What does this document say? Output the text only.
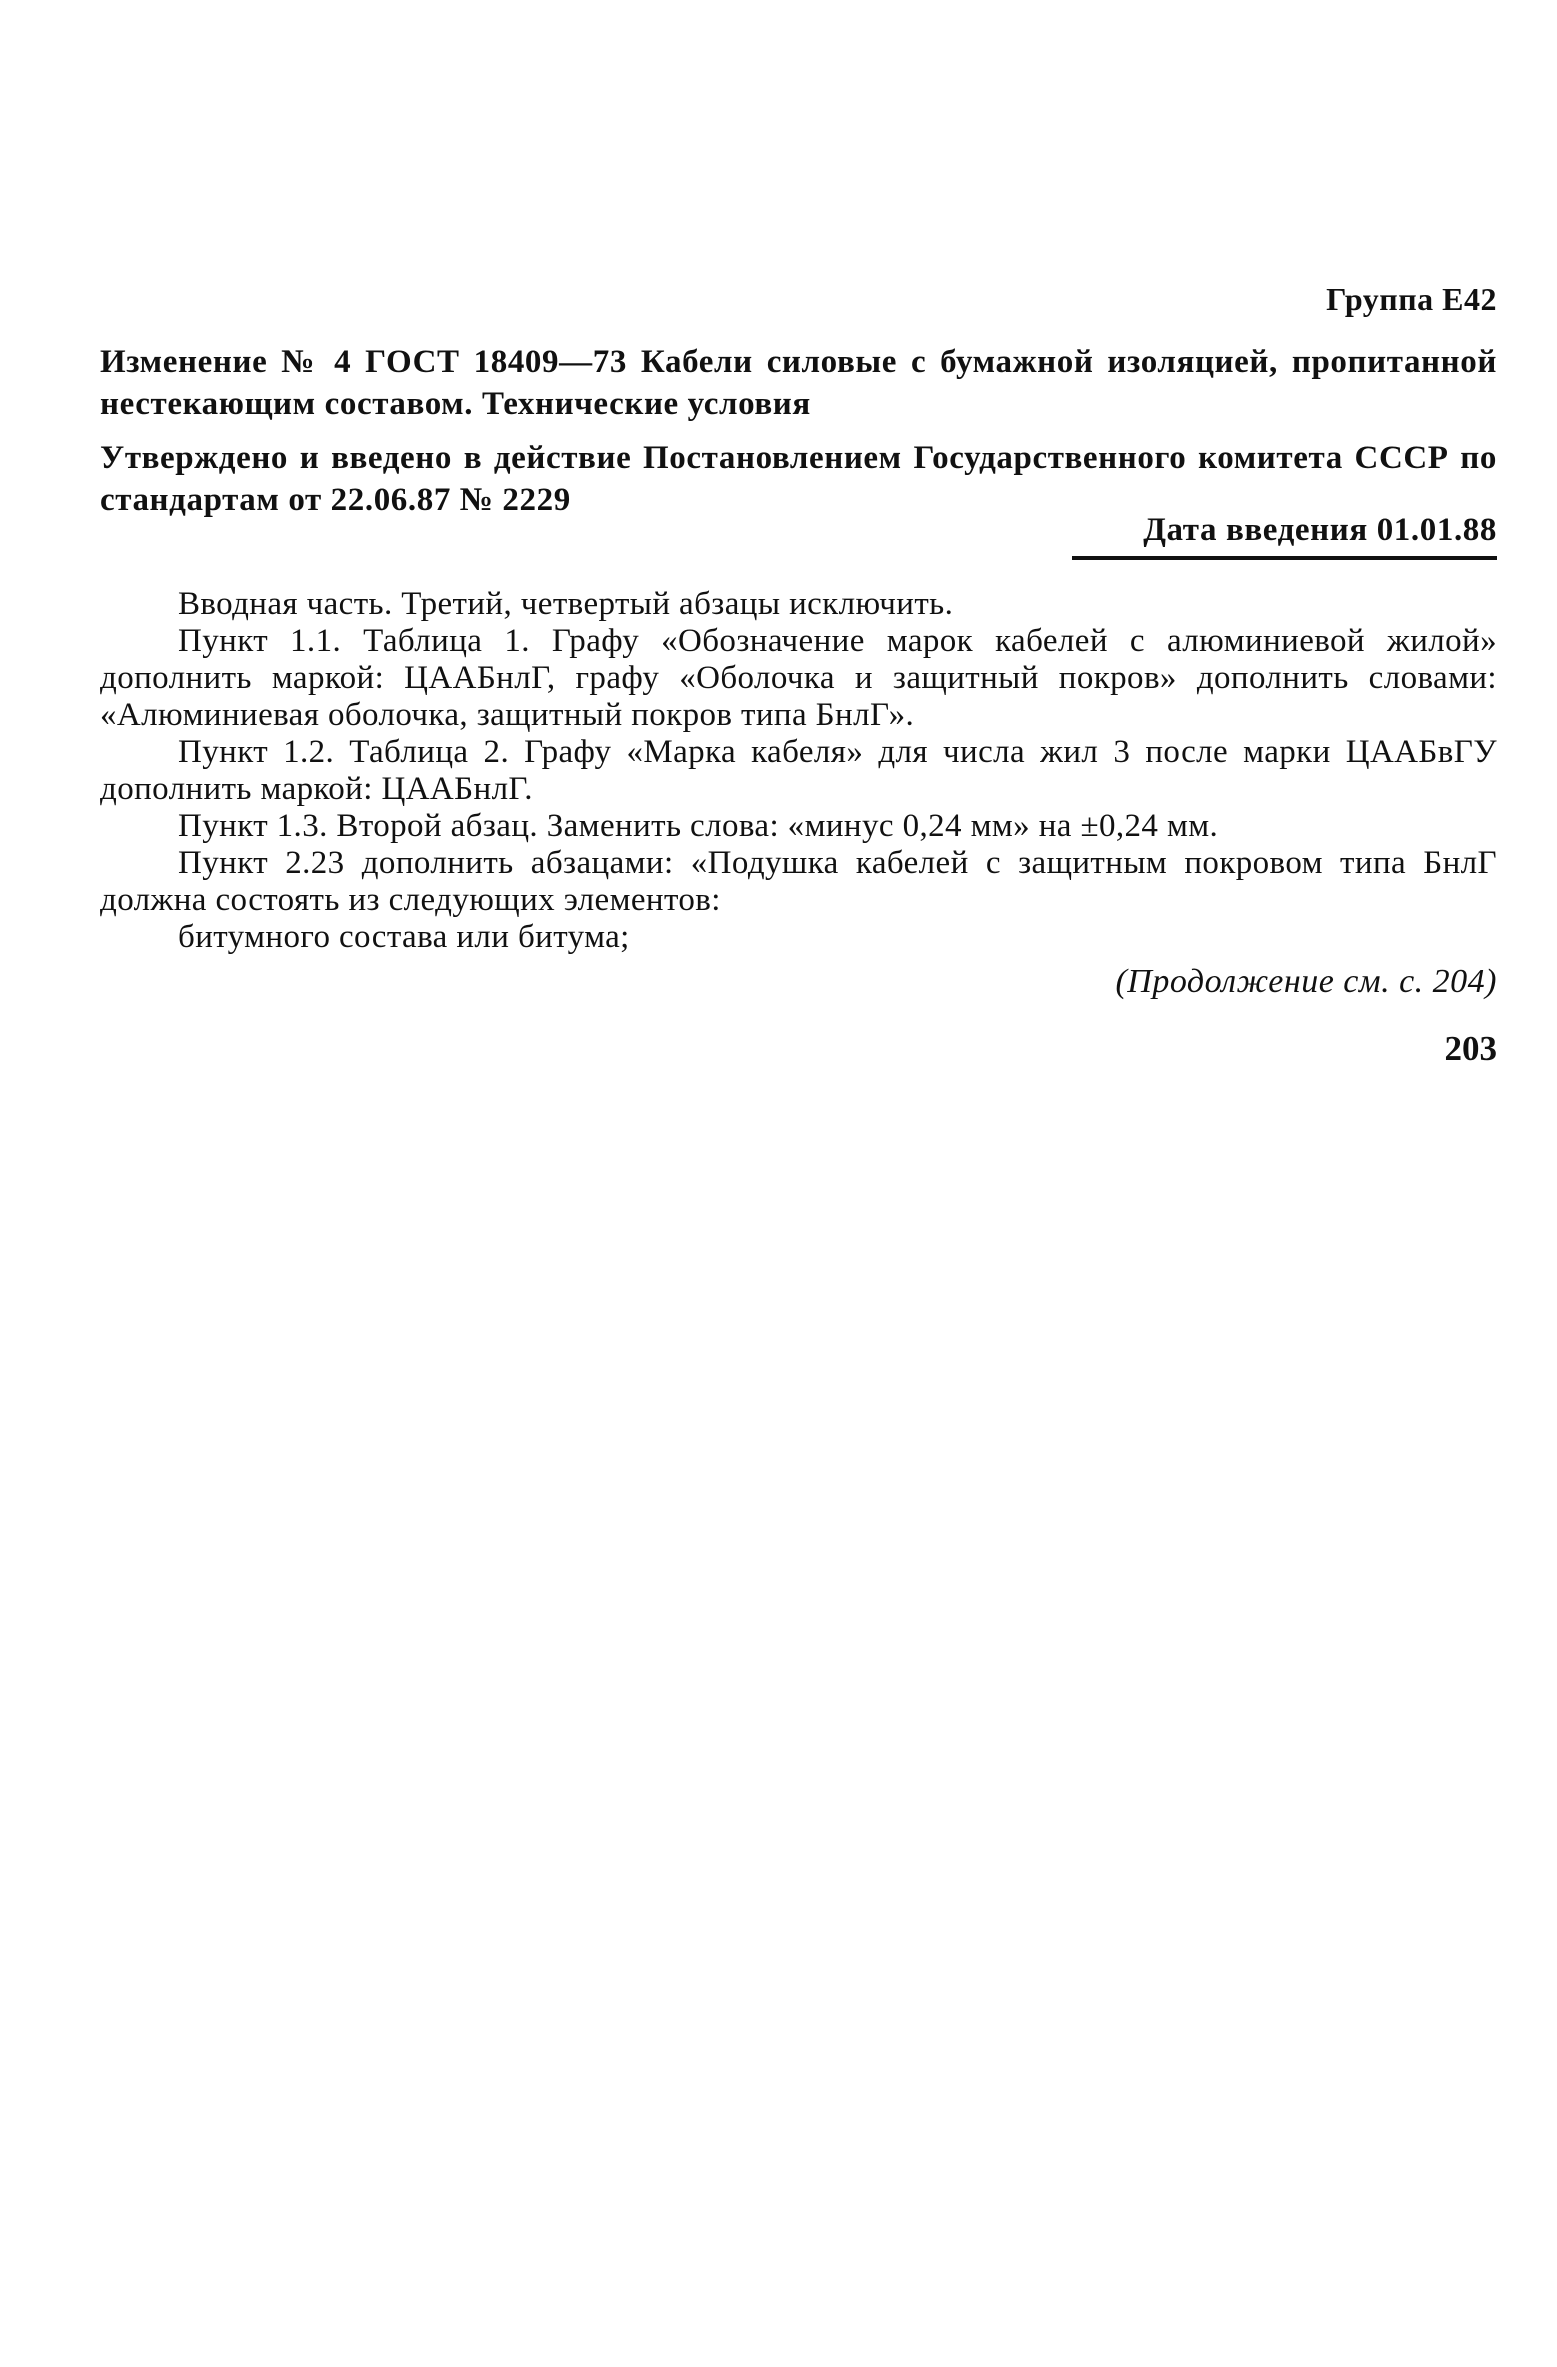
Группа Е42
Изменение № 4 ГОСТ 18409—73 Кабели силовые с бумажной изоляцией, пропитанной нестекающим составом. Технические условия
Утверждено и введено в действие Постановлением Государственного комитета СССР по стандартам от 22.06.87 № 2229
Дата введения 01.01.88

Вводная часть. Третий, четвертый абзацы исключить.

Пункт 1.1. Таблица 1. Графу «Обозначение марок кабелей с алюминиевой жилой» дополнить маркой: ЦААБнлГ, графу «Оболочка и защитный покров» дополнить словами: «Алюминиевая оболочка, защитный покров типа БнлГ».

Пункт 1.2. Таблица 2. Графу «Марка кабеля» для числа жил 3 после марки ЦААБвГУ дополнить маркой: ЦААБнлГ.

Пункт 1.3. Второй абзац. Заменить слова: «минус 0,24 мм» на ±0,24 мм.

Пункт 2.23 дополнить абзацами: «Подушка кабелей с защитным покровом типа БнлГ должна состоять из следующих элементов:

битумного состава или битума;

(Продолжение см. с. 204)
203
